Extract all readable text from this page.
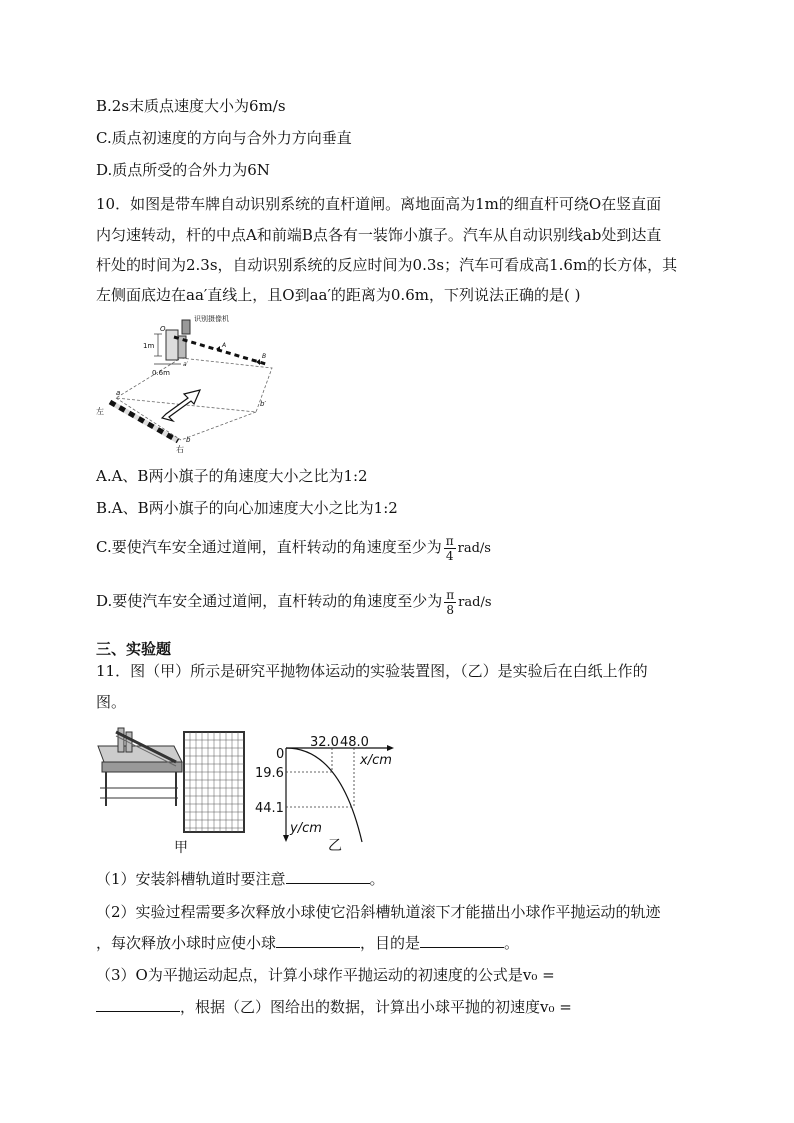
B.2s末质点速度大小为6m/s
C.质点初速度的方向与合外力方向垂直
D.质点所受的合外力为6N
10．如图是带车牌自动识别系统的直杆道闸。离地面高为1m的细直杆可绕O在竖直面
内匀速转动，杆的中点A和前端B点各有一装饰小旗子。汽车从自动识别线ab处到达直
杆处的时间为2.3s，自动识别系统的反应时间为0.3s；汽车可看成高1.6m的长方体，其
左侧面底边在aa′直线上，且O到aa′的距离为0.6m，下列说法正确的是( )
识别摄像机
O
1m
0.6m
a′
A
B
a
b′
b
左
右
A.A、B两小旗子的角速度大小之比为1:2
B.A、B两小旗子的向心加速度大小之比为1:2
C.要使汽车安全通过道闸，直杆转动的角速度至少为 $\frac{\pi}{4} rad/s$
D.要使汽车安全通过道闸，直杆转动的角速度至少为 $\frac{\pi}{8} rad/s$
三、实验题
11．图（甲）所示是研究平抛物体运动的实验装置图，（乙）是实验后在白纸上作的
图。
甲
0
32.0 48.0
x/cm
19.6
44.1
y/cm
乙
（1）安装斜槽轨道时要注意	。
（2）实验过程需要多次释放小球使它沿斜槽轨道滚下才能描出小球作平抛运动的轨迹
，每次释放小球时应使小球	，目的是	。
（3）O为平抛运动起点，计算小球作平抛运动的初速度的公式是v₀ =
，根据（乙）图给出的数据，计算出小球平抛的初速度v₀ =
